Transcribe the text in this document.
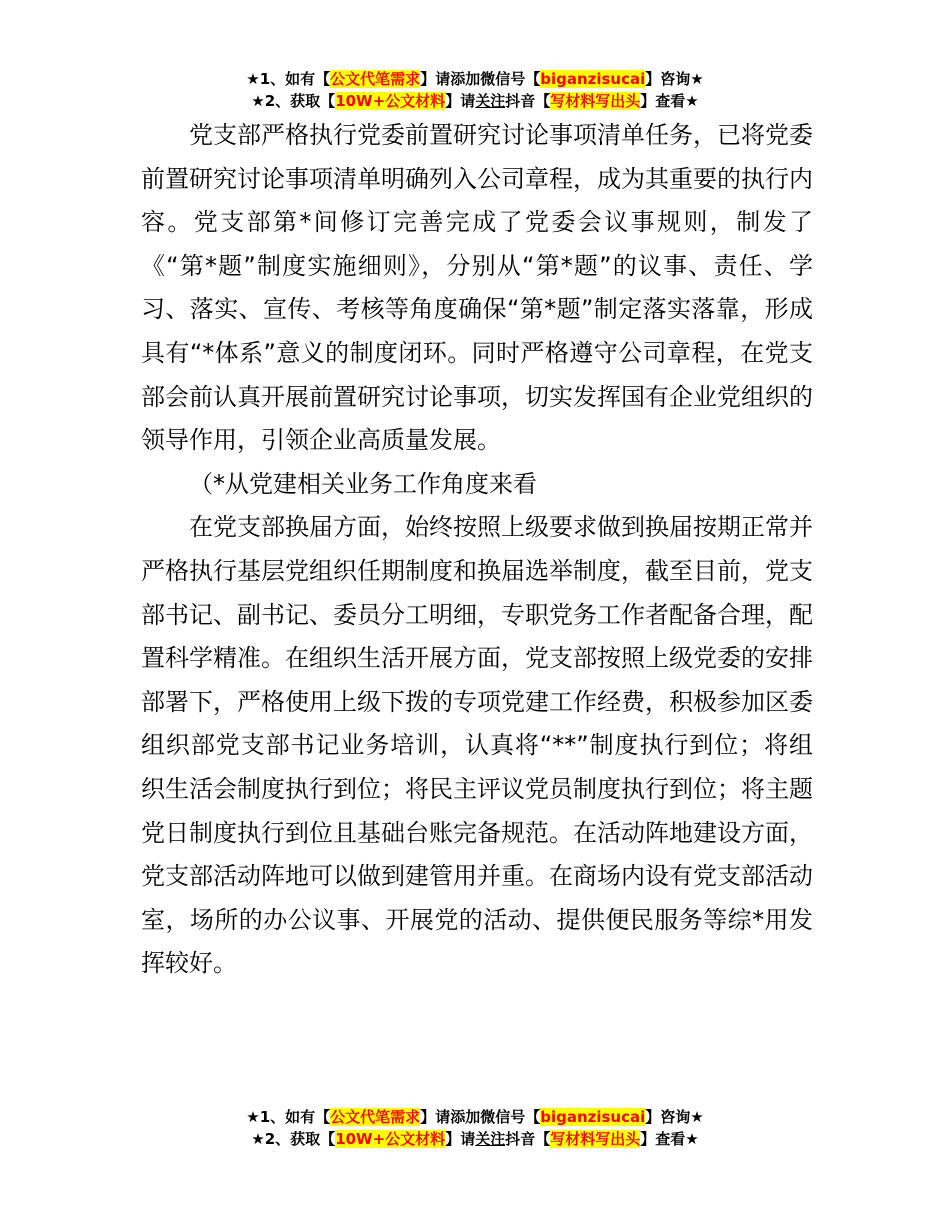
★1、如有【公文代笔需求】请添加微信号【biganzisucai】咨询★
★2、获取【10W+公文材料】请关注抖音【写材料写出头】查看★

党支部严格执行党委前置研究讨论事项清单任务，已将党委前置研究讨论事项清单明确列入公司章程，成为其重要的执行内容。党支部第*间修订完善完成了党委会议事规则，制发了《“第*题”制度实施细则》，分别从“第*题”的议事、责任、学习、落实、宣传、考核等角度确保“第*题”制定落实落靠，形成具有“*体系”意义的制度闭环。同时严格遵守公司章程，在党支部会前认真开展前置研究讨论事项，切实发挥国有企业党组织的领导作用，引领企业高质量发展。

（*从党建相关业务工作角度来看

在党支部换届方面，始终按照上级要求做到换届按期正常并严格执行基层党组织任期制度和换届选举制度，截至目前，党支部书记、副书记、委员分工明细，专职党务工作者配备合理，配置科学精准。在组织生活开展方面，党支部按照上级党委的安排部署下，严格使用上级下拨的专项党建工作经费，积极参加区委组织部党支部书记业务培训，认真将“**”制度执行到位；将组织生活会制度执行到位；将民主评议党员制度执行到位；将主题党日制度执行到位且基础台账完备规范。在活动阵地建设方面，党支部活动阵地可以做到建管用并重。在商场内设有党支部活动室，场所的办公议事、开展党的活动、提供便民服务等综*用发挥较好。

★1、如有【公文代笔需求】请添加微信号【biganzisucai】咨询★
★2、获取【10W+公文材料】请关注抖音【写材料写出头】查看★
